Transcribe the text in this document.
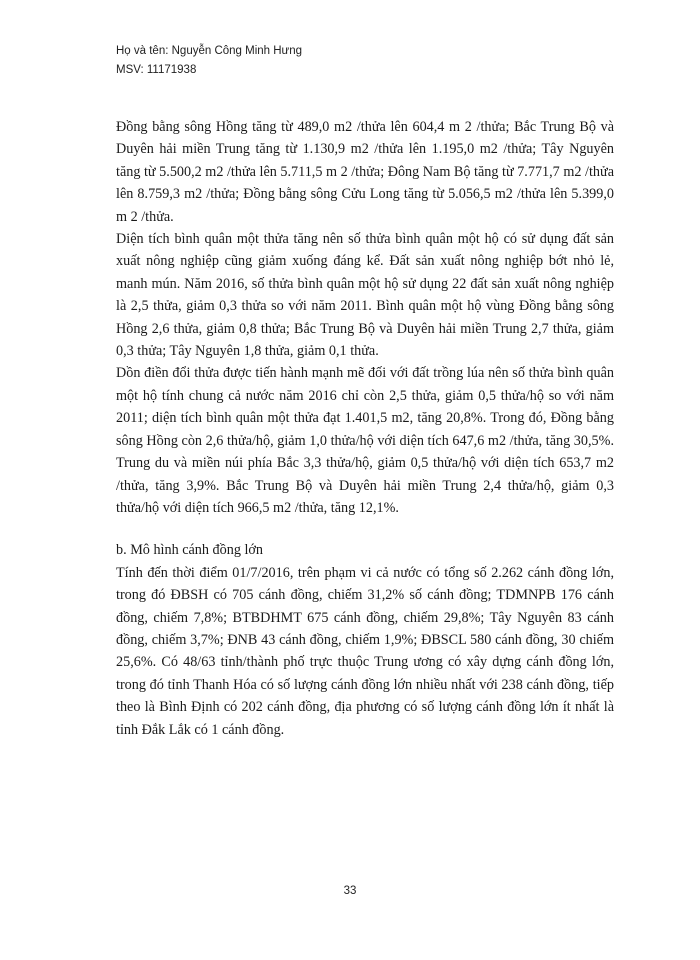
Họ và tên: Nguyễn Công Minh Hưng
MSV: 11171938

Đồng bằng sông Hồng tăng từ 489,0 m2 /thửa lên 604,4 m 2 /thửa; Bắc Trung Bộ và Duyên hải miền Trung tăng từ 1.130,9 m2 /thửa lên 1.195,0 m2 /thửa; Tây Nguyên tăng từ 5.500,2 m2 /thửa lên 5.711,5 m 2 /thửa; Đông Nam Bộ tăng từ 7.771,7 m2 /thửa lên 8.759,3 m2 /thửa; Đồng bằng sông Cửu Long tăng từ 5.056,5 m2 /thửa lên 5.399,0 m 2 /thửa.

Diện tích bình quân một thửa tăng nên số thửa bình quân một hộ có sử dụng đất sản xuất nông nghiệp cũng giảm xuống đáng kể. Đất sản xuất nông nghiệp bớt nhỏ lẻ, manh mún. Năm 2016, số thửa bình quân một hộ sử dụng 22 đất sản xuất nông nghiệp là 2,5 thửa, giảm 0,3 thửa so với năm 2011. Bình quân một hộ vùng Đồng bằng sông Hồng 2,6 thửa, giảm 0,8 thửa; Bắc Trung Bộ và Duyên hải miền Trung 2,7 thửa, giảm 0,3 thửa; Tây Nguyên 1,8 thửa, giảm 0,1 thửa.

Dồn điền đổi thửa được tiến hành mạnh mẽ đối với đất trồng lúa nên số thửa bình quân một hộ tính chung cả nước năm 2016 chỉ còn 2,5 thửa, giảm 0,5 thửa/hộ so với năm 2011; diện tích bình quân một thửa đạt 1.401,5 m2, tăng 20,8%. Trong đó, Đồng bằng sông Hồng còn 2,6 thửa/hộ, giảm 1,0 thửa/hộ với diện tích 647,6 m2 /thửa, tăng 30,5%. Trung du và miền núi phía Bắc 3,3 thửa/hộ, giảm 0,5 thửa/hộ với diện tích 653,7 m2 /thửa, tăng 3,9%. Bắc Trung Bộ và Duyên hải miền Trung 2,4 thửa/hộ, giảm 0,3 thửa/hộ với diện tích 966,5 m2 /thửa, tăng 12,1%.

b. Mô hình cánh đồng lớn

Tính đến thời điểm 01/7/2016, trên phạm vi cả nước có tổng số 2.262 cánh đồng lớn, trong đó ĐBSH có 705 cánh đồng, chiếm 31,2% số cánh đồng; TDMNPB 176 cánh đồng, chiếm 7,8%; BTBDHMT 675 cánh đồng, chiếm 29,8%; Tây Nguyên 83 cánh đồng, chiếm 3,7%; ĐNB 43 cánh đồng, chiếm 1,9%; ĐBSCL 580 cánh đồng, 30 chiếm 25,6%. Có 48/63 tỉnh/thành phố trực thuộc Trung ương có xây dựng cánh đồng lớn, trong đó tỉnh Thanh Hóa có số lượng cánh đồng lớn nhiều nhất với 238 cánh đồng, tiếp theo là Bình Định có 202 cánh đồng, địa phương có số lượng cánh đồng lớn ít nhất là tỉnh Đắk Lắk có 1 cánh đồng.

33
